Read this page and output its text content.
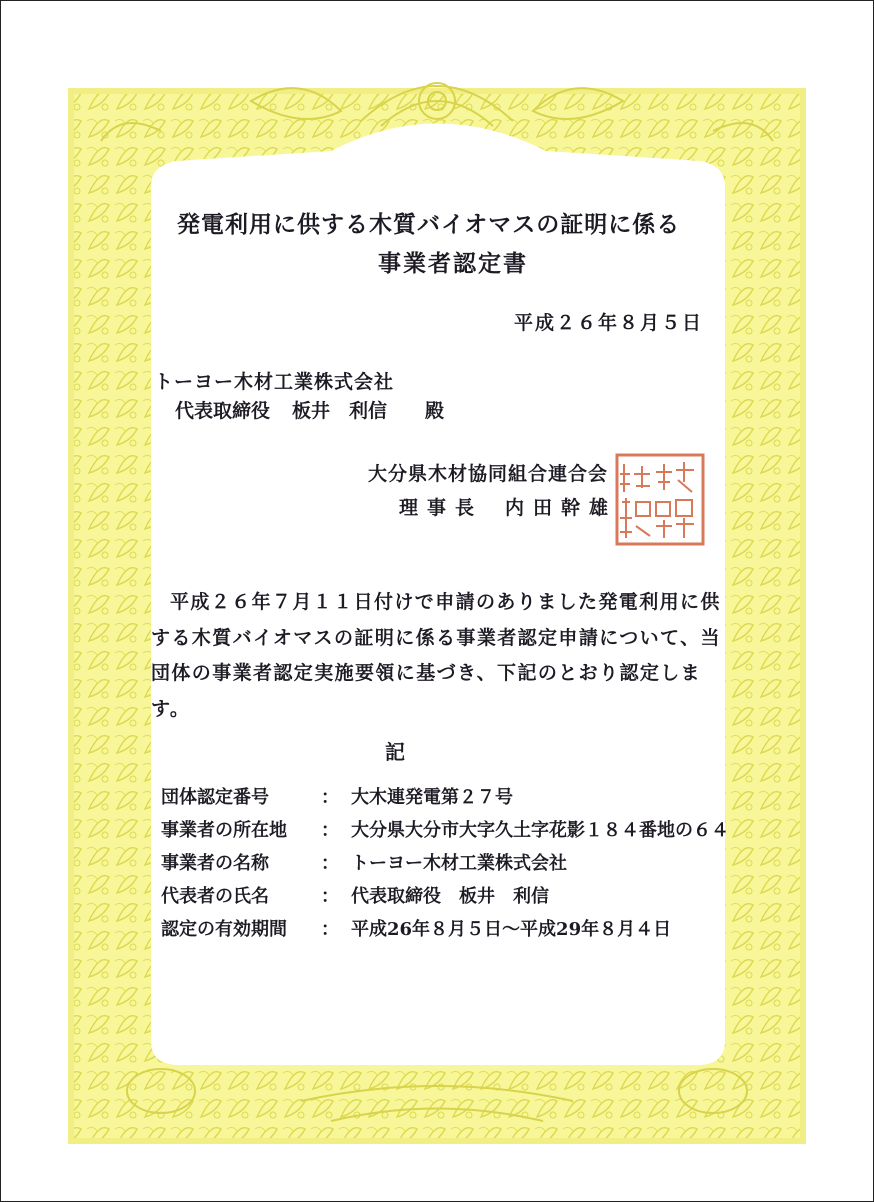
発電利用に供する木質バイオマスの証明に係る
事業者認定書
平成２６年８月５日
トーヨー木材工業株式会社
代表取締役 板井　利信 殿
大分県木材協同組合連合会
理事長 内田幹雄
平成２６年７月１１日付けで申請のありました発電利用に供する木質バイオマスの証明に係る事業者認定申請について、当団体の事業者認定実施要領に基づき、下記のとおり認定します。
記
団体認定番号	： 大木連発電第２７号
事業者の所在地 ： 大分県大分市大字久土字花影１８４番地の６４
事業者の名称	： トーヨー木材工業株式会社
代表者の氏名	： 代表取締役　板井　利信
認定の有効期間 ： 平成26年８月５日～平成29年８月４日
